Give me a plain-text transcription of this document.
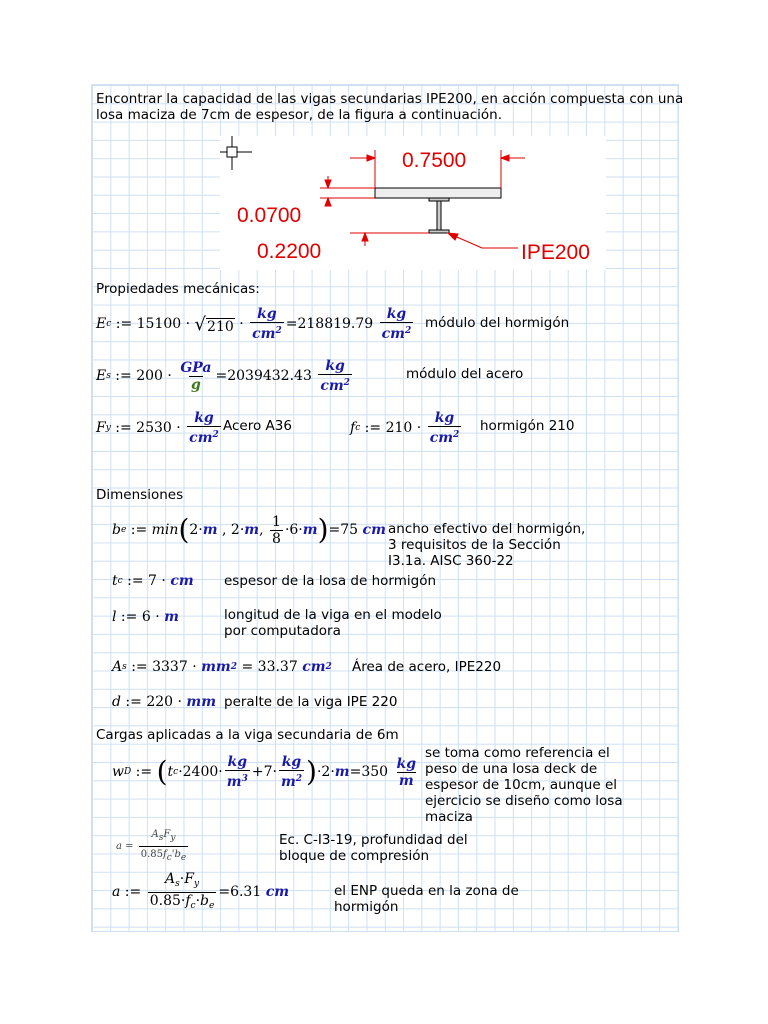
Encontrar la capacidad de las vigas secundarias IPE200, en acción compuesta con una
losa maciza de 7cm de espesor, de la figura a continuación.
0.7500
0.0700
0.2200	IPE200
Propiedades mecánicas:
E c := 15100 · √ $210 \cdot \frac{kg}{cm^2} = 218819.79$
$\frac{kg}{cm^2}$ módulo del hormigón
E s := $200 \cdot \frac{\text{GPa}}{g} = 2039432.43$
$\frac{kg}{cm^2}$	módulo del acero
F y := $2530 \cdot \frac{kg}{cm^2}$ Acero A36	f c := $210 \cdot \frac{kg}{cm^2}$ hormigón 210
Dimensiones
b e := min ( 2 · m , 2 · m , $\frac{1}{8} \cdot 6\cdot m$ ) = 75
cm ancho efectivo del hormigón,
3 requisitos de la Sección
I3.1a. AISC 360-22
t c := 7 · cm espesor de la losa de hormigón
l := 6 · m	longitud de la viga en el modelo
por computadora
A s := 3337 · mm 2 = 33.37
cm 2 Área de acero, IPE220
d := 220 · mm peralte de la viga IPE 220
Cargas aplicadas a la viga secundaria de 6m
w D := ( t $c \cdot 2400 \cdot \frac{kg}{m^3} + 7 \cdot \frac{kg}{m^2}$ ) · 2 · m = 350
$\frac{kg}{m}$
se toma como referencia el
peso de una losa deck de
espesor de 10cm, aunque el
ejercicio se diseño como losa
maciza
$a = \frac{A_sF_y}{0.85f_c'b_e}$	Ec. C-I3-19, profundidad del
bloque de compresión
a := $\frac{A_s\cdot F_y}{0.85\cdot f_c\cdot b_e} = 6.31$
cm	el ENP queda en la zona de
hormigón
